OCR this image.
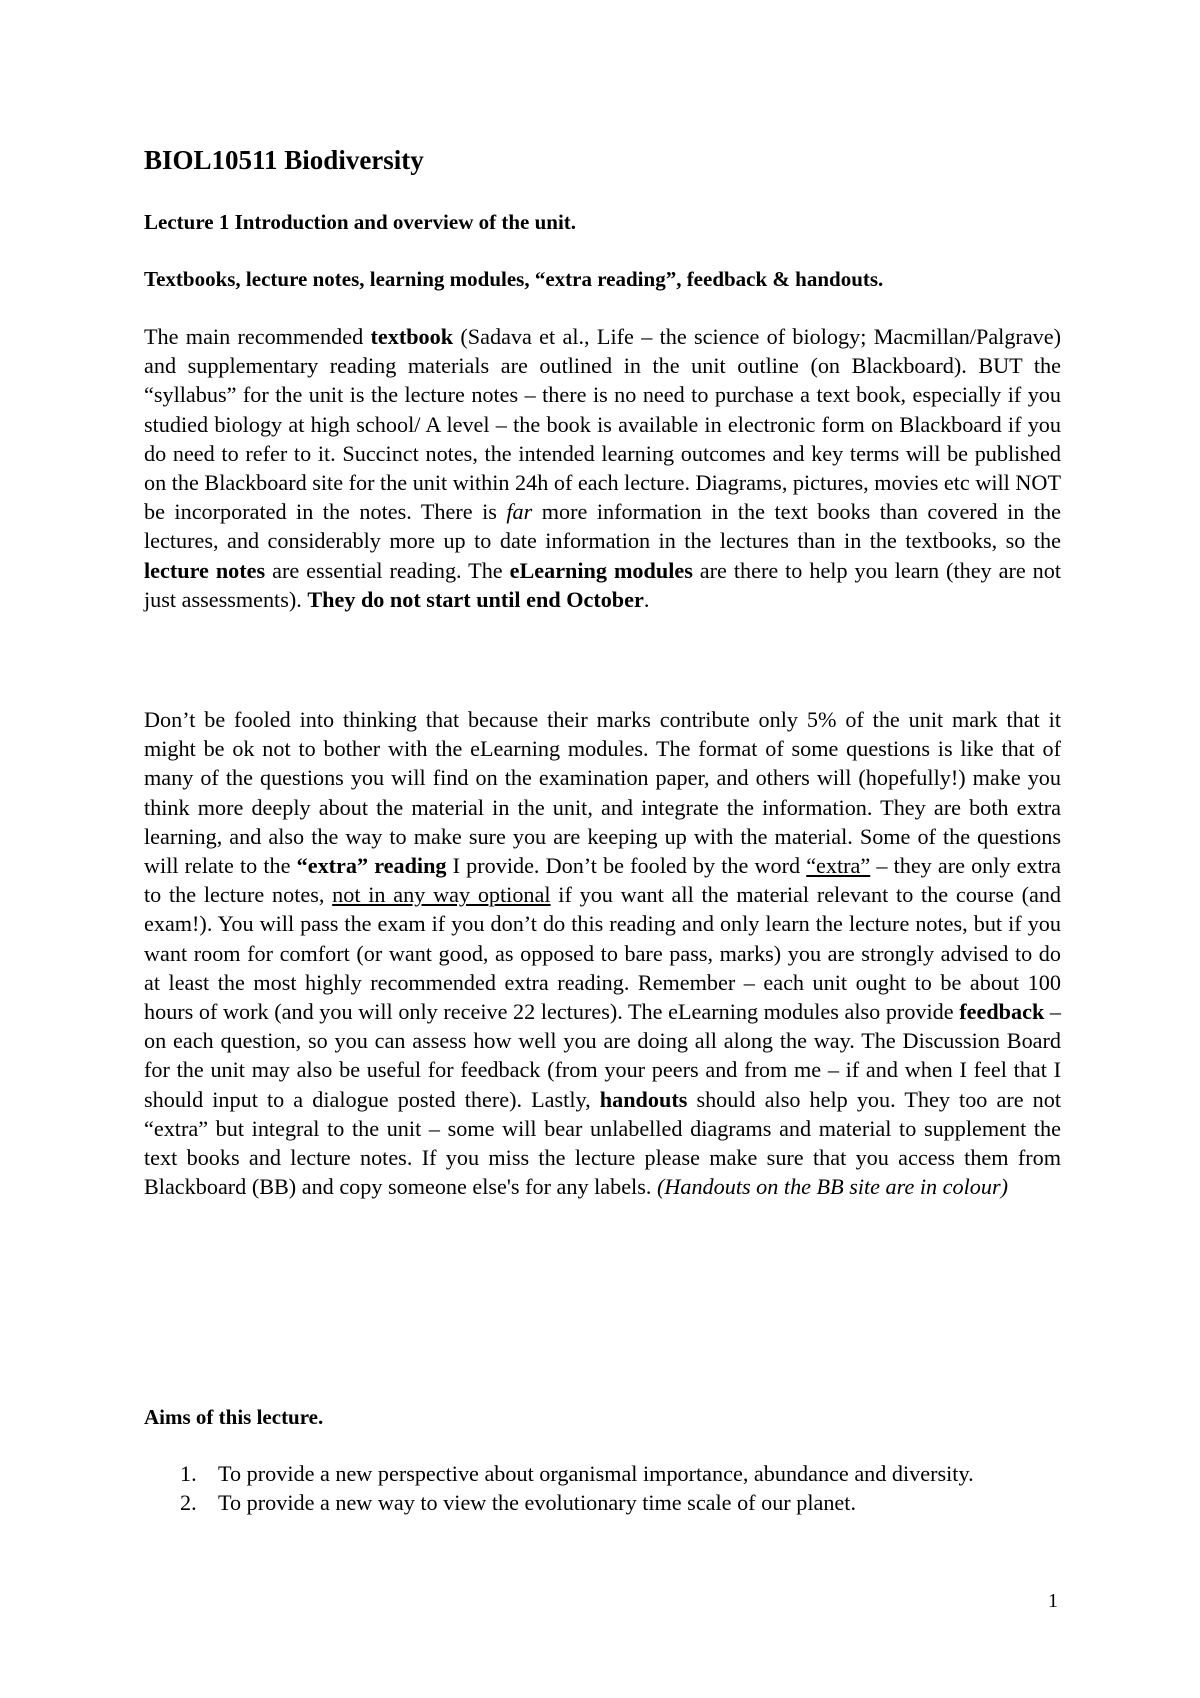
BIOL10511 Biodiversity
Lecture 1 Introduction and overview of the unit.
Textbooks, lecture notes, learning modules, “extra reading”, feedback & handouts.

The main recommended textbook (Sadava et al., Life – the science of biology; Macmillan/Palgrave) and supplementary reading materials are outlined in the unit outline (on Blackboard). BUT the “syllabus” for the unit is the lecture notes – there is no need to purchase a text book, especially if you studied biology at high school/ A level – the book is available in electronic form on Blackboard if you do need to refer to it. Succinct notes, the intended learning outcomes and key terms will be published on the Blackboard site for the unit within 24h of each lecture. Diagrams, pictures, movies etc will NOT be incorporated in the notes. There is far more information in the text books than covered in the lectures, and considerably more up to date information in the lectures than in the textbooks, so the lecture notes are essential reading. The eLearning modules are there to help you learn (they are not just assessments). They do not start until end October.

Don’t be fooled into thinking that because their marks contribute only 5% of the unit mark that it might be ok not to bother with the eLearning modules. The format of some questions is like that of many of the questions you will find on the examination paper, and others will (hopefully!) make you think more deeply about the material in the unit, and integrate the information. They are both extra learning, and also the way to make sure you are keeping up with the material. Some of the questions will relate to the “extra” reading I provide. Don’t be fooled by the word “extra” – they are only extra to the lecture notes, not in any way optional if you want all the material relevant to the course (and exam!). You will pass the exam if you don’t do this reading and only learn the lecture notes, but if you want room for comfort (or want good, as opposed to bare pass, marks) you are strongly advised to do at least the most highly recommended extra reading. Remember – each unit ought to be about 100 hours of work (and you will only receive 22 lectures). The eLearning modules also provide feedback – on each question, so you can assess how well you are doing all along the way. The Discussion Board for the unit may also be useful for feedback (from your peers and from me – if and when I feel that I should input to a dialogue posted there). Lastly, handouts should also help you. They too are not “extra” but integral to the unit – some will bear unlabelled diagrams and material to supplement the text books and lecture notes. If you miss the lecture please make sure that you access them from Blackboard (BB) and copy someone else's for any labels. (Handouts on the BB site are in colour)

Aims of this lecture.
1. To provide a new perspective about organismal importance, abundance and diversity.
2. To provide a new way to view the evolutionary time scale of our planet.

1
